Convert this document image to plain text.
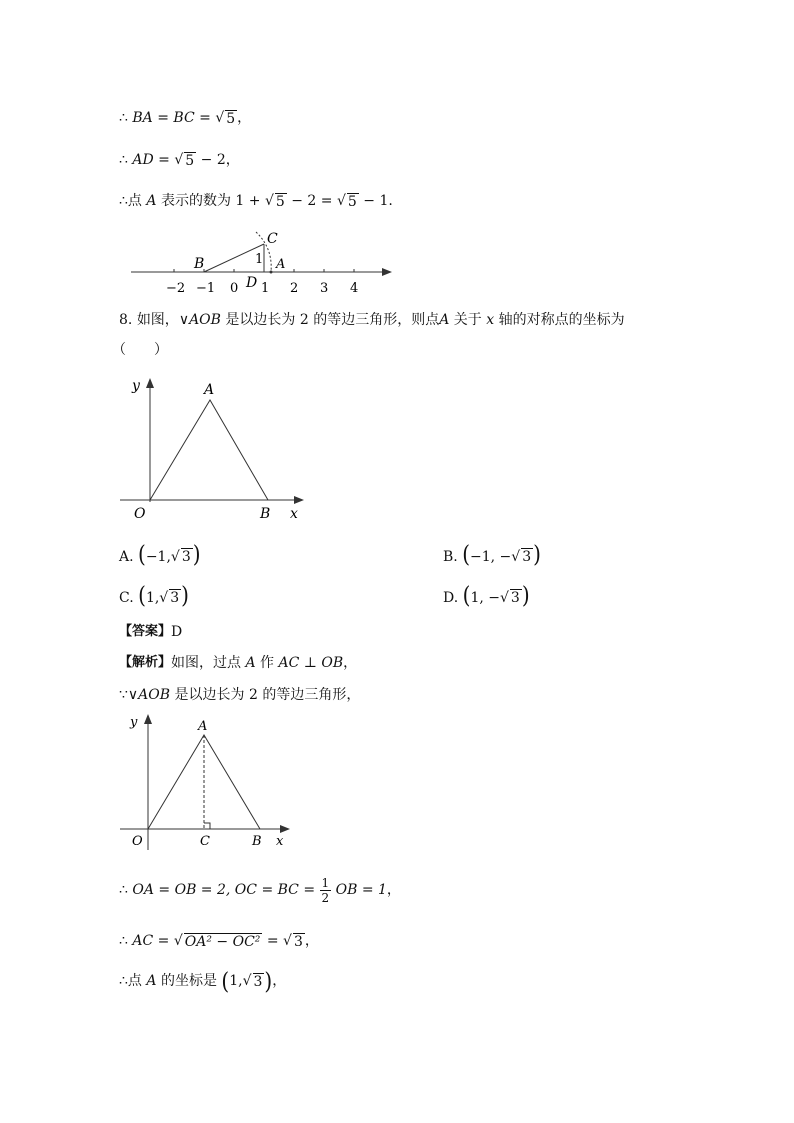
∴ BA = BC = √ 5 ，
∴ AD = √ 5 − 2，
∴点 A 表示的数为 1 + √ 5 − 2 = √ 5 − 1.
B
C
1 A
D
−2 −1 0 1 2 3 4
8. 如图，∨AOB 是以边长为 2 的等边三角形，则点A 关于 x 轴的对称点的坐标为
（　　）
y	A
O	B x
A. (−1,√ 3 )	B. (−1, −√ 3 )
C. (1,√ 3 )	D. (1, −√ 3 )
【答案】D
【解析】如图，过点 A 作 AC ⊥ OB，
∵∨AOB 是以边长为 2 的等边三角形，
y	A
O	C	B x
∴ OA = OB = 2, OC = BC = $\frac{1}{2}$ OB = 1，
∴ AC = √ OA² − OC² = √ 3 ，
∴点 A 的坐标是 (1,√ 3 )，
